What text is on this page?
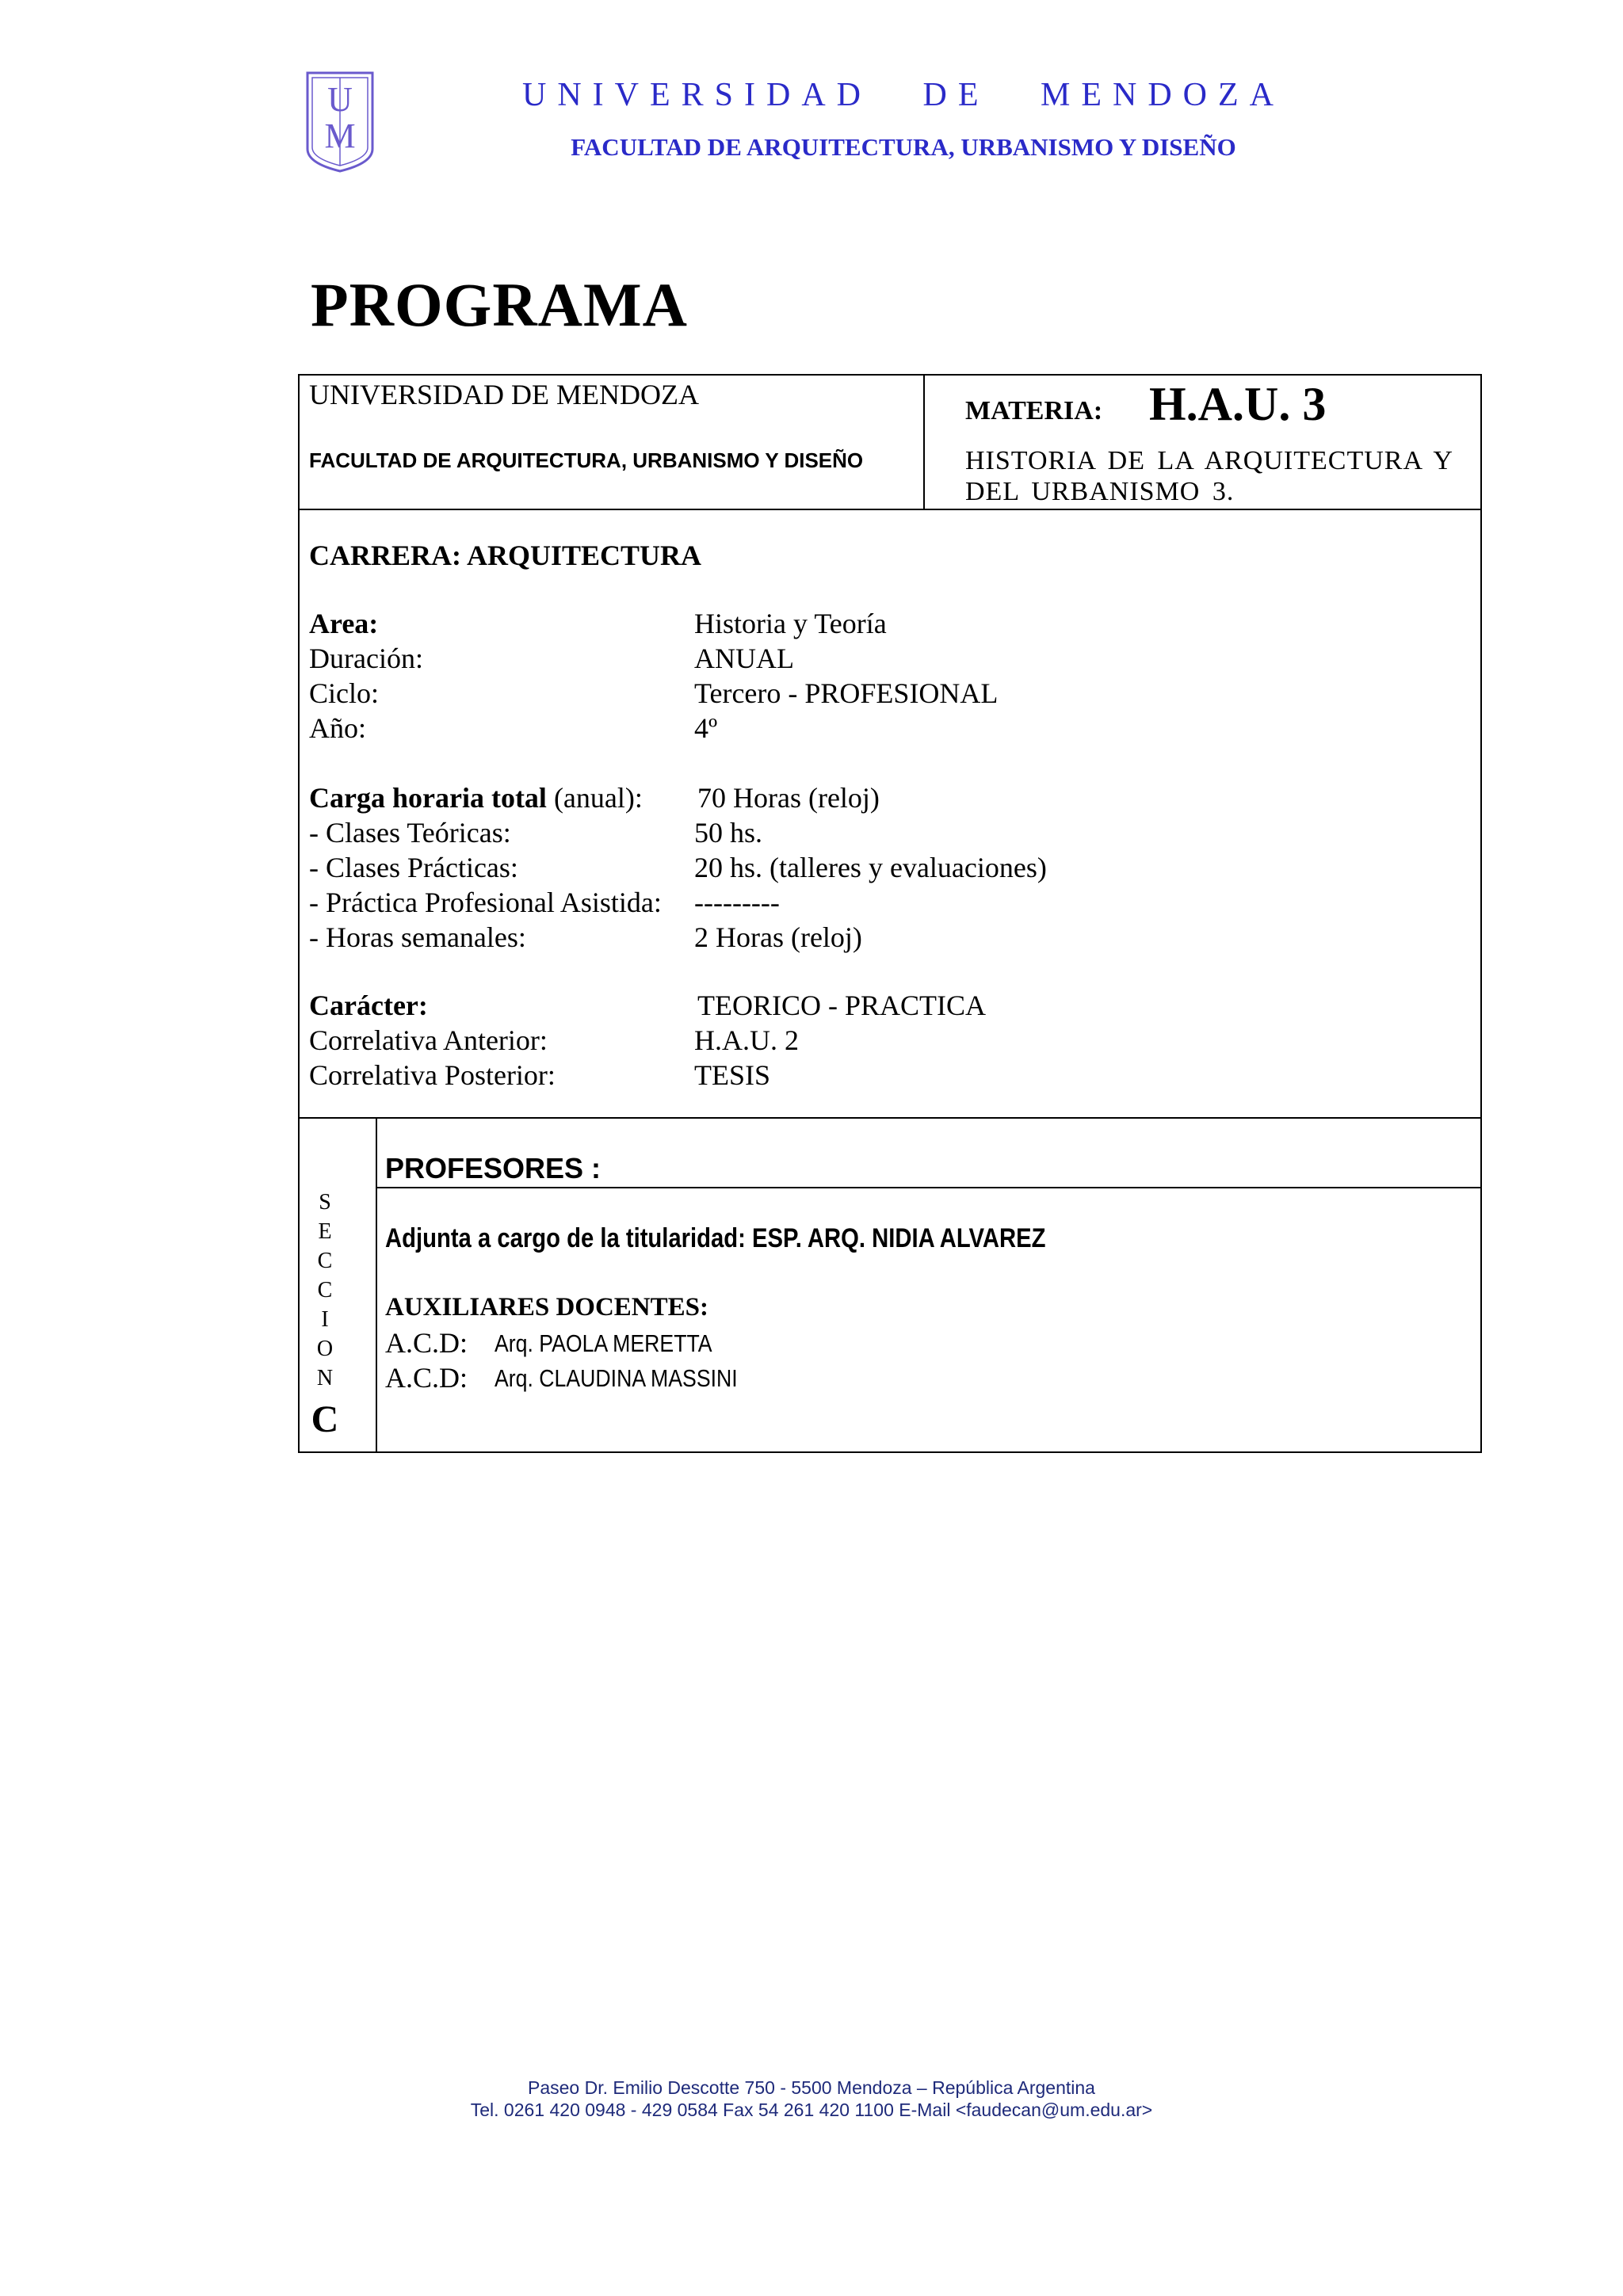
U
M

UNIVERSIDAD DE MENDOZA

FACULTAD DE ARQUITECTURA, URBANISMO Y DISEÑO

PROGRAMA

UNIVERSIDAD DE MENDOZA

FACULTAD DE ARQUITECTURA, URBANISMO Y DISEÑO

MATERIA: H.A.U. 3

HISTORIA DE LA ARQUITECTURA Y

DEL URBANISMO 3.

CARRERA: ARQUITECTURA

Area:	Historia y Teoría
Duración:	ANUAL
Ciclo:	Tercero - PROFESIONAL
Año:	4º
Carga horaria total (anual): 70 Horas (reloj)
- Clases Teóricas:	50 hs.
- Clases Prácticas:	20 hs. (talleres y evaluaciones)
- Práctica Profesional Asistida: ---------
- Horas semanales:	2 Horas (reloj)
Carácter:	TEORICO - PRACTICA
Correlativa Anterior:	H.A.U. 2
Correlativa Posterior:	TESIS
S
E
C
C
I
O
N
C

PROFESORES :

Adjunta a cargo de la titularidad: ESP. ARQ. NIDIA ALVAREZ

AUXILIARES DOCENTES:

A.C.D: Arq. PAOLA MERETTA
A.C.D: Arq. CLAUDINA MASSINI

Paseo Dr. Emilio Descotte 750 - 5500 Mendoza – República Argentina

Tel. 0261 420 0948 - 429 0584 Fax 54 261 420 1100 E-Mail <faudecan@um.edu.ar>
